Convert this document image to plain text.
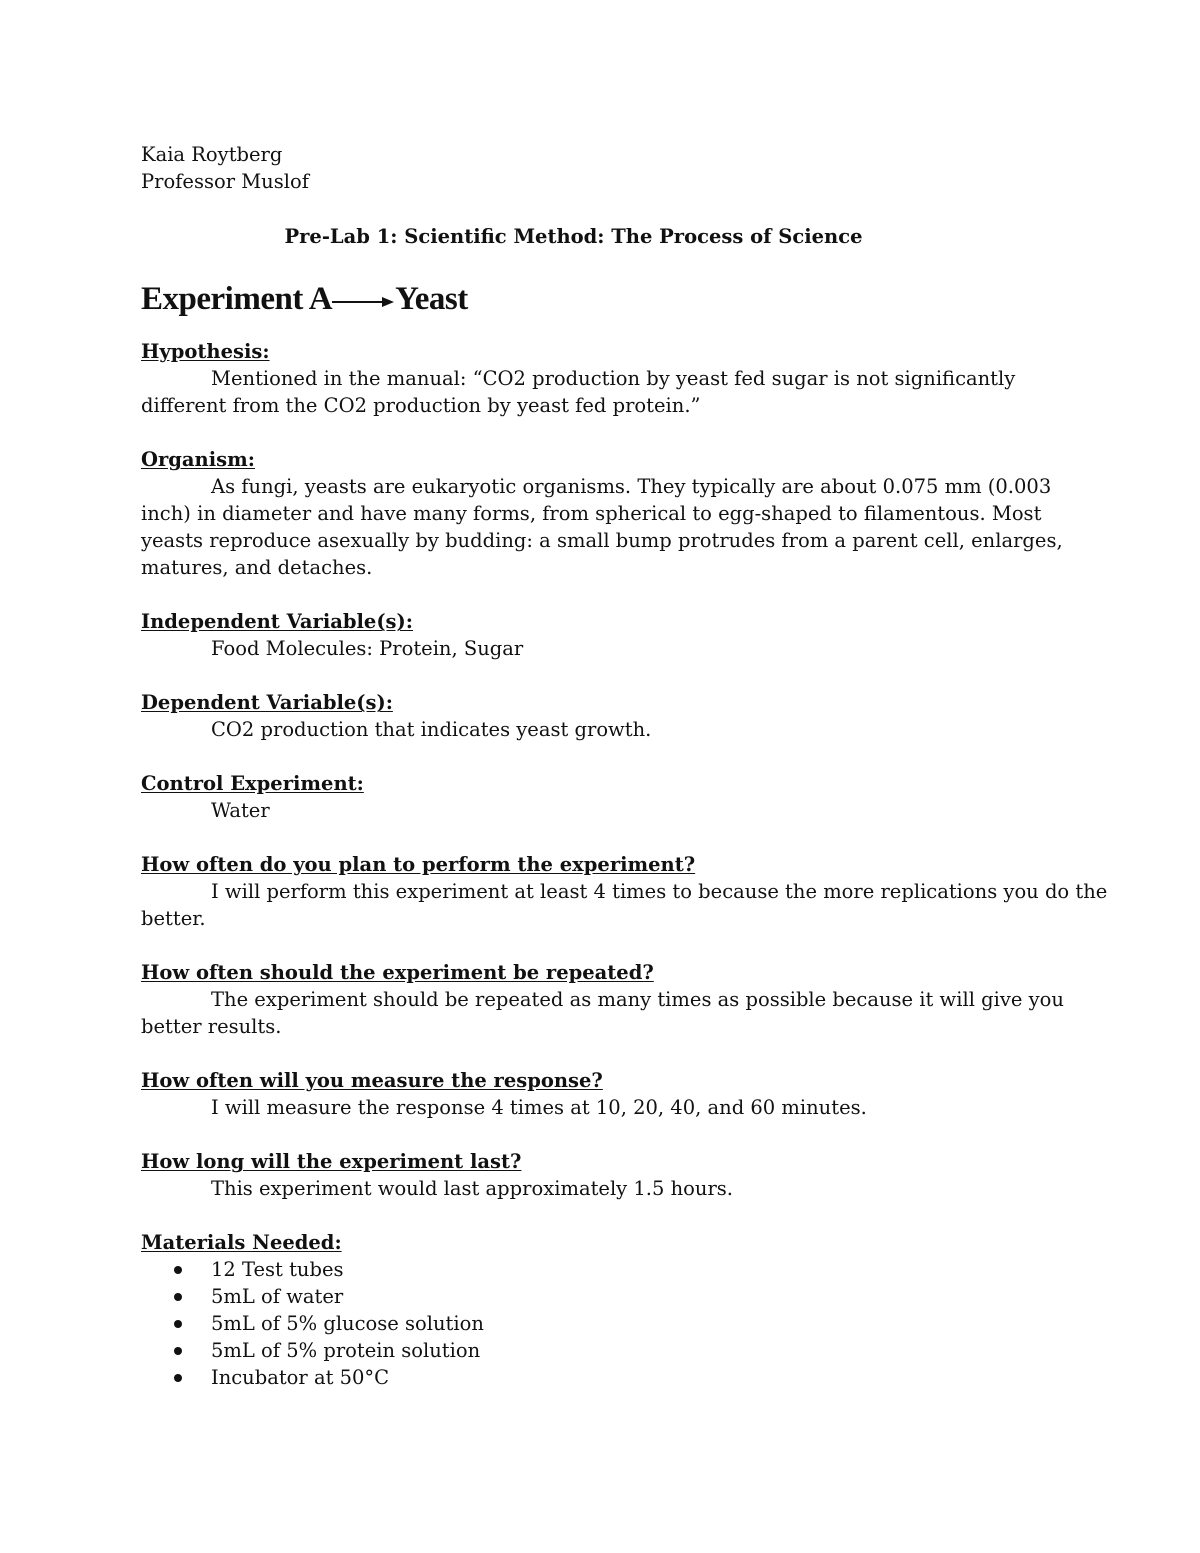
Kaia Roytberg
Professor Muslof
Pre-Lab 1: Scientific Method: The Process of Science
Experiment A Yeast
Hypothesis:
Mentioned in the manual: “CO2 production by yeast fed sugar is not significantly
different from the CO2 production by yeast fed protein.”
Organism:
As fungi, yeasts are eukaryotic organisms. They typically are about 0.075 mm (0.003
inch) in diameter and have many forms, from spherical to egg-shaped to filamentous. Most
yeasts reproduce asexually by budding: a small bump protrudes from a parent cell, enlarges,
matures, and detaches.
Independent Variable(s):
Food Molecules: Protein, Sugar
Dependent Variable(s):
CO2 production that indicates yeast growth.
Control Experiment:
Water
How often do you plan to perform the experiment?
I will perform this experiment at least 4 times to because the more replications you do the
better.
How often should the experiment be repeated?
The experiment should be repeated as many times as possible because it will give you
better results.
How often will you measure the response?
I will measure the response 4 times at 10, 20, 40, and 60 minutes.
How long will the experiment last?
This experiment would last approximately 1.5 hours.
Materials Needed:
12 Test tubes
5mL of water
5mL of 5% glucose solution
5mL of 5% protein solution
Incubator at 50°C
